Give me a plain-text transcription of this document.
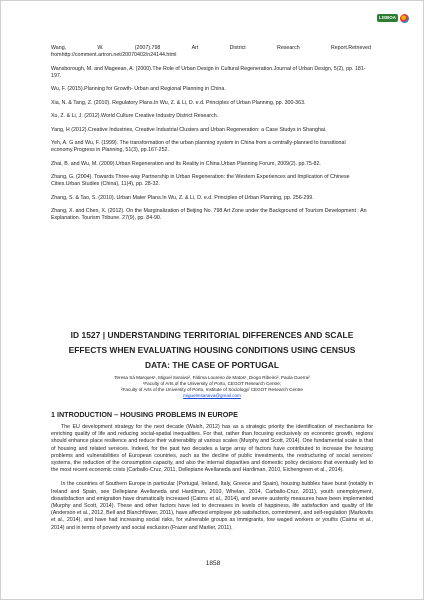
LISBOA
Wang,	W.	(2007).798	Art	District	Research	Report.Retrieved
fromhttp://comment.artron.net/20070402/n24144.html

Wansborough, M. and Mageean, A. (2000).The Role of Urban Design in Cultural Regeneration.Journal of Urban Design, 5(2), pp. 181-197.

Wu, F. (2015).Planning for Growth- Urban and Regional Planning in China.

Xia, N. & Tang, Z. (2010). Regulatory Plans.In Wu, Z. & Li, D. e.d. Principles of Urban Planning, pp. 300-363.

Xu, Z. & Li, J. (2012).World Culture Creative Industry District Research.

Yang, H (2012).Creative Industries, Creative Industrial Clusters and Urban Regeneration: a Case Studys in Shanghai.

Yeh, A. G and Wu, F. (1999). The transformation of the urban planning system in China from a centrally-planned to transitional economy.Progress in Planning, 51(3), pp.167-252.

Zhai, B. and Wu, M. (2009).Urban Regeneration and Its Reality in China.Urban Planning Forum, 2009(2). pp.75-82.

Zhang, G. (2004). Towards Three-way Partnership in Urban Regeneration: the Western Experiences and Implication of Chinese Cities.Urban Studies (China), 11(4), pp. 28-32.

Zhang, S. & Tao, S. (2010). Urban Mater Plans.In Wu, Z. & Li, D. e.d. Principles of Urban Planning, pp. 256-299.

Zhang, X. and Chen, X. (2012). On the Marginalization of Beijing No. 798 Art Zone under the Background of Tourism Development : An Explanation. Tourism Tribune. 27(9), pp. 84-90.

ID 1527 | UNDERSTANDING TERRITORIAL DIFFERENCES AND SCALE
EFFECTS WHEN EVALUATING HOUSING CONDITIONS USING CENSUS
DATA: THE CASE OF PORTUGAL
Teresa Sá Marques¹, Miguel Saraiva², Fátima Loureiro de Matos¹, Diogo Ribeiro², Paula Guerra²
¹Faculty of Arts of the University of Porto, CEGOT Research Centre;
²Faculty of Arts of the University of Porto, Institute of Sociology/ CEGOT Research Centre
miguelmsaraiva@gmail.com
1 INTRODUCTION – HOUSING PROBLEMS IN EUROPE

The EU development strategy for the next decade (Walsh, 2012) has as a strategic priority the identification of mechanisms for enriching quality of life and reducing social-spatial inequalities. For that, rather than focusing exclusively on economic growth, regions should enhance place resilience and reduce their vulnerability at various scales (Murphy and Scott, 2014). One fundamental scale is that of housing and related services. Indeed, for the past two decades a large array of factors have contributed to increase the housing problems and vulnerabilities of European countries, such as the decline of public investments, the restructuring of social services’ systems, the reduction of the consumption capacity, and also the internal disparities and domestic policy decisions that eventually led to the most recent economic crisis (Carballo-Cruz, 2011, Dellepiane Avellaneda and Hardiman, 2010, Eichengreen et al., 2014).

In the countries of Southern Europe in particular (Portugal, Ireland, Italy, Greece and Spain), housing bubbles have burst (notably in Ireland and Spain, see Dellepiane Avellaneda and Hardiman, 2010, Whelan, 2014, Carballo-Cruz, 2011), youth unemployment, dissatisfaction and emigration have dramatically increased (Cairns et al., 2014), and severe austerity measures have been implemented (Murphy and Scott, 2014). These and other factors have led to decreases in levels of happiness, life satisfaction and quality of life (Anderson et al., 2012, Bell and Blanchflower, 2011), have affected employee job satisfaction, commitment, and self-regulation (Markovits et al., 2014), and have had increasing social risks, for vulnerable groups as immigrants, low waged workers or youths (Cairns et al., 2014) and in terms of poverty and social exclusion (Frazer and Marlier, 2011).

1858
